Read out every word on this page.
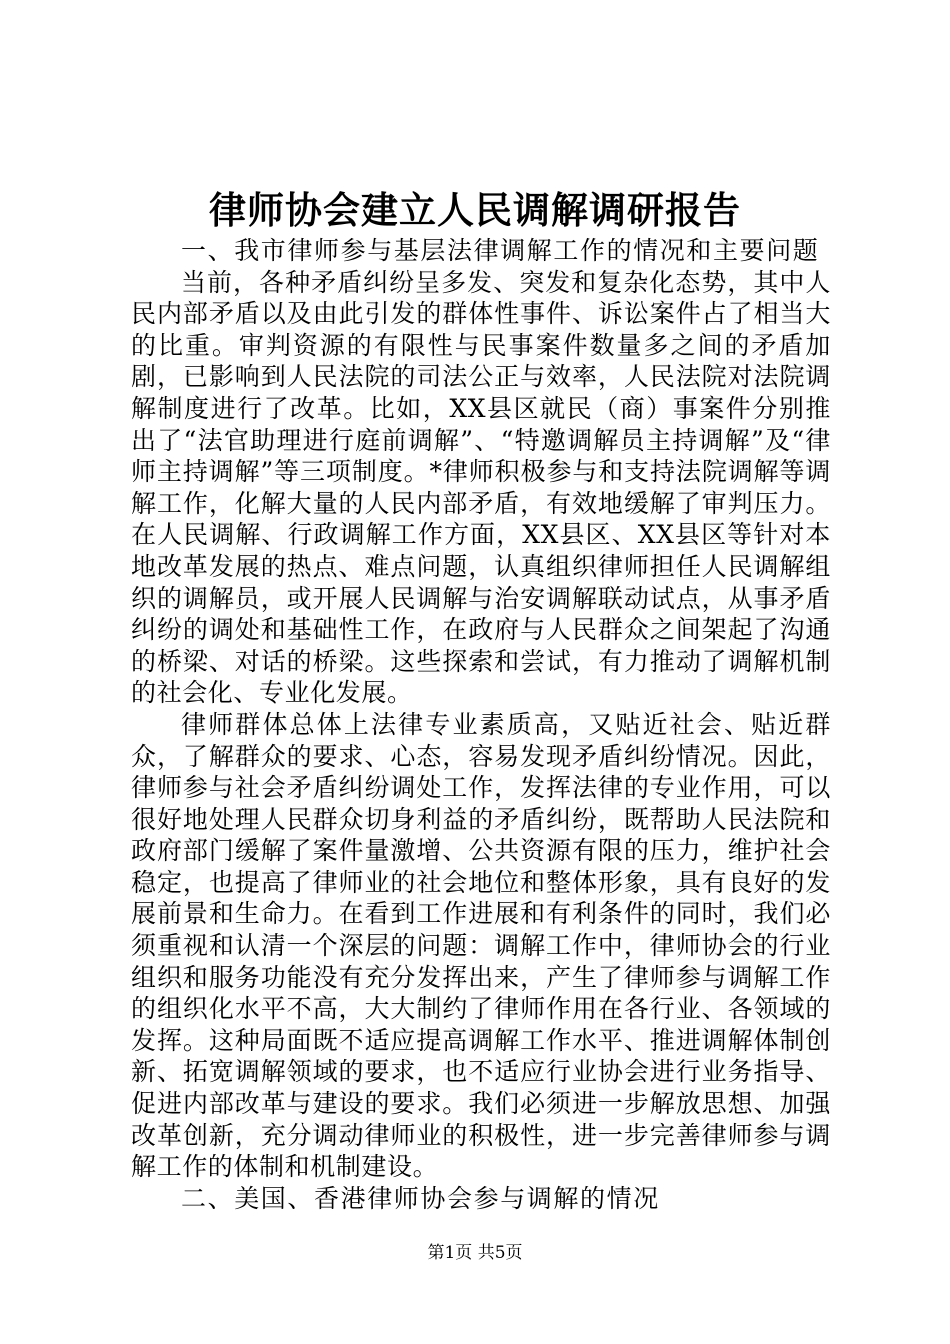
律师协会建立人民调解调研报告

一、我市律师参与基层法律调解工作的情况和主要问题

当前，各种矛盾纠纷呈多发、突发和复杂化态势，其中人民内部矛盾以及由此引发的群体性事件、诉讼案件占了相当大的比重。审判资源的有限性与民事案件数量多之间的矛盾加剧，已影响到人民法院的司法公正与效率，人民法院对法院调解制度进行了改革。比如，XX县区就民（商）事案件分别推出了“法官助理进行庭前调解”、“特邀调解员主持调解”及“律师主持调解”等三项制度。*律师积极参与和支持法院调解等调解工作，化解大量的人民内部矛盾，有效地缓解了审判压力。在人民调解、行政调解工作方面，XX县区、XX县区等针对本地改革发展的热点、难点问题，认真组织律师担任人民调解组织的调解员，或开展人民调解与治安调解联动试点，从事矛盾纠纷的调处和基础性工作，在政府与人民群众之间架起了沟通的桥梁、对话的桥梁。这些探索和尝试，有力推动了调解机制的社会化、专业化发展。

律师群体总体上法律专业素质高，又贴近社会、贴近群众，了解群众的要求、心态，容易发现矛盾纠纷情况。因此，律师参与社会矛盾纠纷调处工作，发挥法律的专业作用，可以很好地处理人民群众切身利益的矛盾纠纷，既帮助人民法院和政府部门缓解了案件量激增、公共资源有限的压力，维护社会稳定，也提高了律师业的社会地位和整体形象，具有良好的发展前景和生命力。在看到工作进展和有利条件的同时，我们必须重视和认清一个深层的问题：调解工作中，律师协会的行业组织和服务功能没有充分发挥出来，产生了律师参与调解工作的组织化水平不高，大大制约了律师作用在各行业、各领域的发挥。这种局面既不适应提高调解工作水平、推进调解体制创新、拓宽调解领域的要求，也不适应行业协会进行业务指导、促进内部改革与建设的要求。我们必须进一步解放思想、加强改革创新，充分调动律师业的积极性，进一步完善律师参与调解工作的体制和机制建设。

二、美国、香港律师协会参与调解的情况

第1页 共5页
